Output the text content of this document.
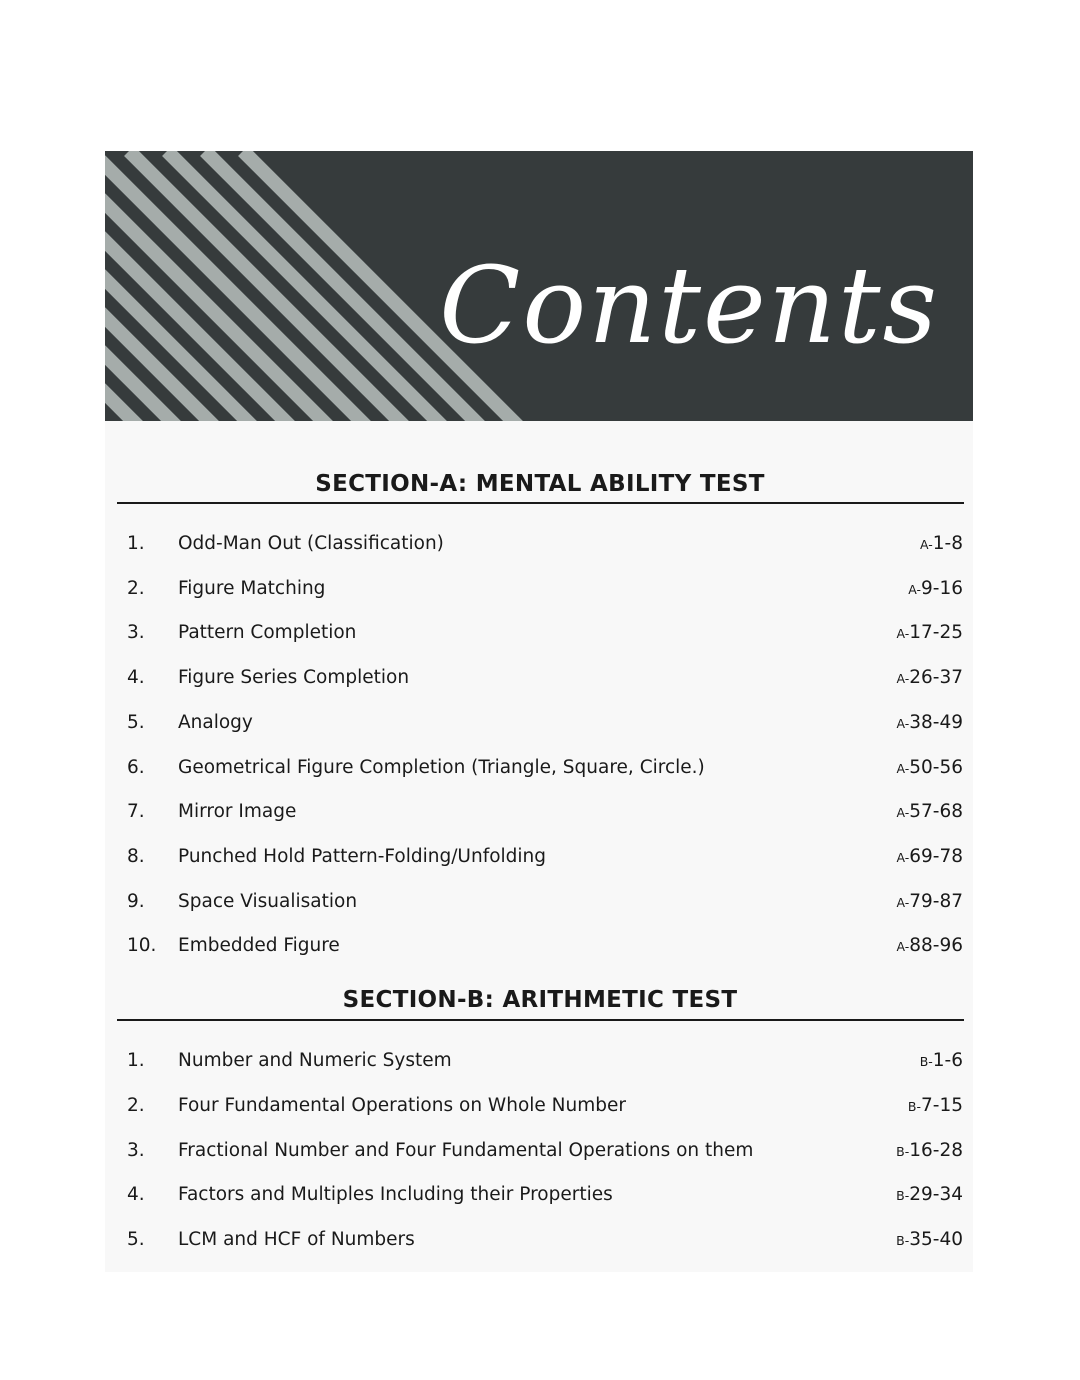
Contents
SECTION-A: MENTAL ABILITY TEST
1. Odd-Man Out (Classification)	A-1-8
2. Figure Matching	A-9-16
3. Pattern Completion	A-17-25
4. Figure Series Completion	A-26-37
5. Analogy	A-38-49
6. Geometrical Figure Completion (Triangle, Square, Circle.)	A-50-56
7. Mirror Image	A-57-68
8. Punched Hold Pattern-Folding/Unfolding	A-69-78
9. Space Visualisation	A-79-87
10. Embedded Figure	A-88-96
SECTION-B: ARITHMETIC TEST
1. Number and Numeric System	B-1-6
2. Four Fundamental Operations on Whole Number	B-7-15
3. Fractional Number and Four Fundamental Operations on them	B-16-28
4. Factors and Multiples Including their Properties	B-29-34
5. LCM and HCF of Numbers	B-35-40
